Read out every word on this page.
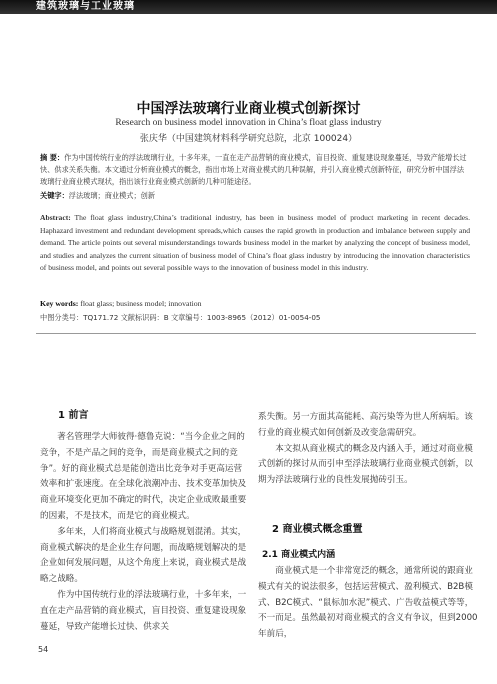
建筑玻璃与工业玻璃
中国浮法玻璃行业商业模式创新探讨
Research on business model innovation in China’s float glass industry
张庆华（中国建筑材料科学研究总院，北京 100024）
摘 要：作为中国传统行业的浮法玻璃行业，十多年来，一直在走产品营销的商业模式，盲目投资、重复建设现象蔓延，导致产能增长过快、供求关系失衡。本文通过分析商业模式的概念，指出市场上对商业模式的几种误解，并引入商业模式创新特征，研究分析中国浮法玻璃行业商业模式现状，指出该行业商业模式创新的几种可能途径。
关键字：浮法玻璃；商业模式；创新
Abstract: The float glass industry,China’s traditional industry, has been in business model of product marketing in recent decades. Haphazard investment and redundant development spreads,which causes the rapid growth in production and imbalance between supply and demand. The article points out several misunderstandings towards business model in the market by analyzing the concept of business model, and studies and analyzes the current situation of business model of China’s float glass industry by introducing the innovation characteristics of business model, and points out several possible ways to the innovation of business model in this industry.
Key words: float glass; business model; innovation
中图分类号：TQ171.72 文献标识码：B 文章编号：1003-8965（2012）01-0054-05
1 前言

著名管理学大师彼得·德鲁克说：“当今企业之间的竞争，不是产品之间的竞争，而是商业模式之间的竞争”。好的商业模式总是能创造出比竞争对手更高运营效率和扩张速度。在全球化浪潮冲击、技术变革加快及商业环境变化更加不确定的时代，决定企业成败最重要的因素，不是技术，而是它的商业模式。

多年来，人们将商业模式与战略规划混淆。其实，商业模式解决的是企业生存问题，而战略规划解决的是企业如何发展问题，从这个角度上来说，商业模式是战略之战略。

作为中国传统行业的浮法玻璃行业，十多年来，一直在走产品营销的商业模式，盲目投资、重复建设现象蔓延，导致产能增长过快、供求关

系失衡。另一方面其高能耗、高污染等为世人所病垢。该行业的商业模式如何创新及改变急需研究。

本文拟从商业模式的概念及内涵入手，通过对商业模式创新的探讨从而引申至浮法玻璃行业商业模式创新，以期为浮法玻璃行业的良性发展抛砖引玉。

2 商业模式概念重置
2.1 商业模式内涵

商业模式是一个非常宽泛的概念，通常所说的跟商业模式有关的说法很多，包括运营模式、盈利模式、B2B模式、B2C模式、“鼠标加水泥”模式、广告收益模式等等，不一而足。虽然最初对商业模式的含义有争议，但到2000年前后，

54
